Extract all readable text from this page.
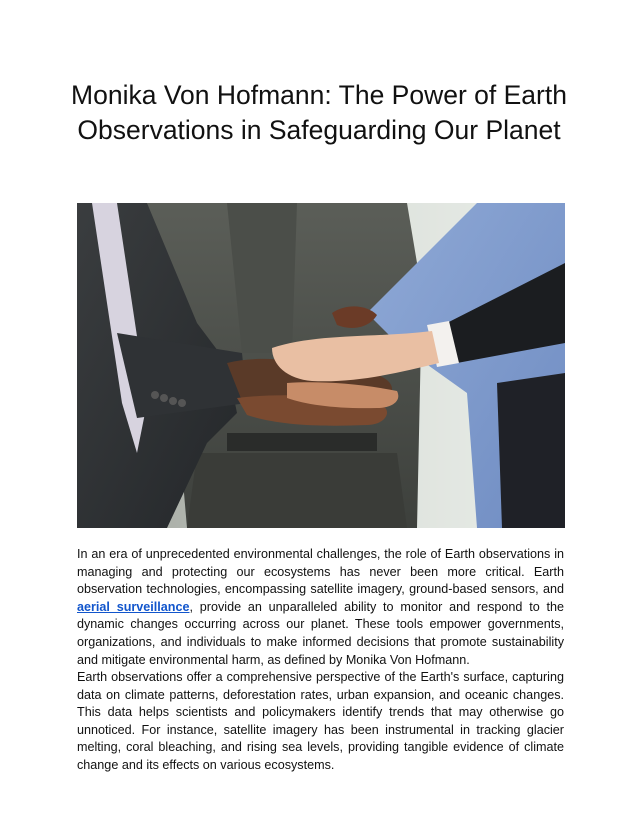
Monika Von Hofmann: The Power of Earth Observations in Safeguarding Our Planet

In an era of unprecedented environmental challenges, the role of Earth observations in managing and protecting our ecosystems has never been more critical. Earth observation technologies, encompassing satellite imagery, ground-based sensors, and aerial surveillance, provide an unparalleled ability to monitor and respond to the dynamic changes occurring across our planet. These tools empower governments, organizations, and individuals to make informed decisions that promote sustainability and mitigate environmental harm, as defined by Monika Von Hofmann.

Earth observations offer a comprehensive perspective of the Earth's surface, capturing data on climate patterns, deforestation rates, urban expansion, and oceanic changes. This data helps scientists and policymakers identify trends that may otherwise go unnoticed. For instance, satellite imagery has been instrumental in tracking glacier melting, coral bleaching, and rising sea levels, providing tangible evidence of climate change and its effects on various ecosystems.
